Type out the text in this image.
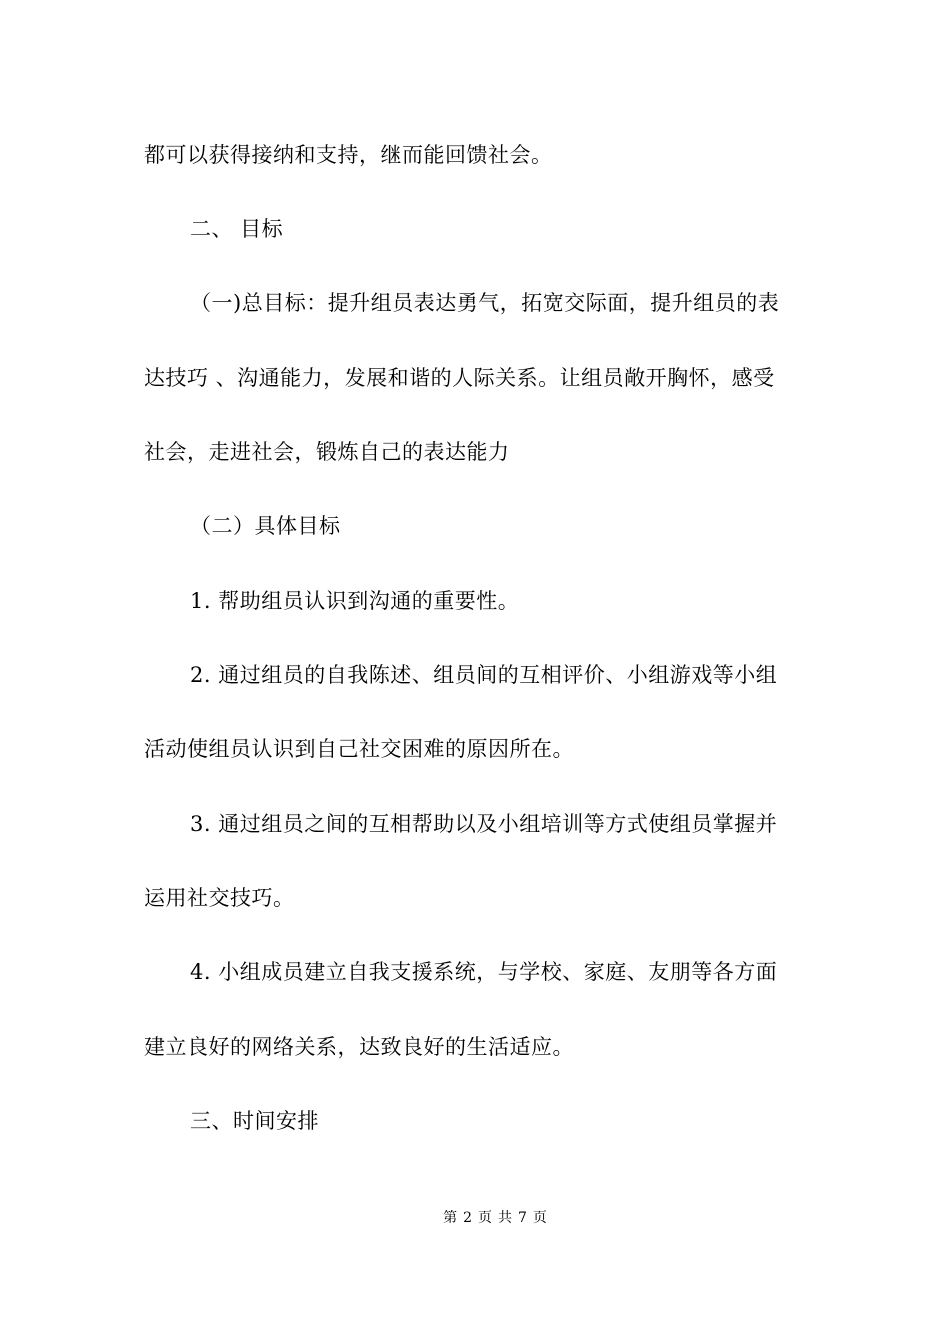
都可以获得接纳和支持，继而能回馈社会。
二、 目标
（一)总目标：提升组员表达勇气，拓宽交际面，提升组员的表
达技巧 、沟通能力，发展和谐的人际关系。让组员敞开胸怀，感受
社会，走进社会，锻炼自己的表达能力
（二）具体目标
1. 帮助组员认识到沟通的重要性。
2. 通过组员的自我陈述、组员间的互相评价、小组游戏等小组
活动使组员认识到自己社交困难的原因所在。
3. 通过组员之间的互相帮助以及小组培训等方式使组员掌握并
运用社交技巧。
4. 小组成员建立自我支援系统，与学校、家庭、友朋等各方面
建立良好的网络关系，达致良好的生活适应。
三、时间安排
第 2 页 共 7 页
